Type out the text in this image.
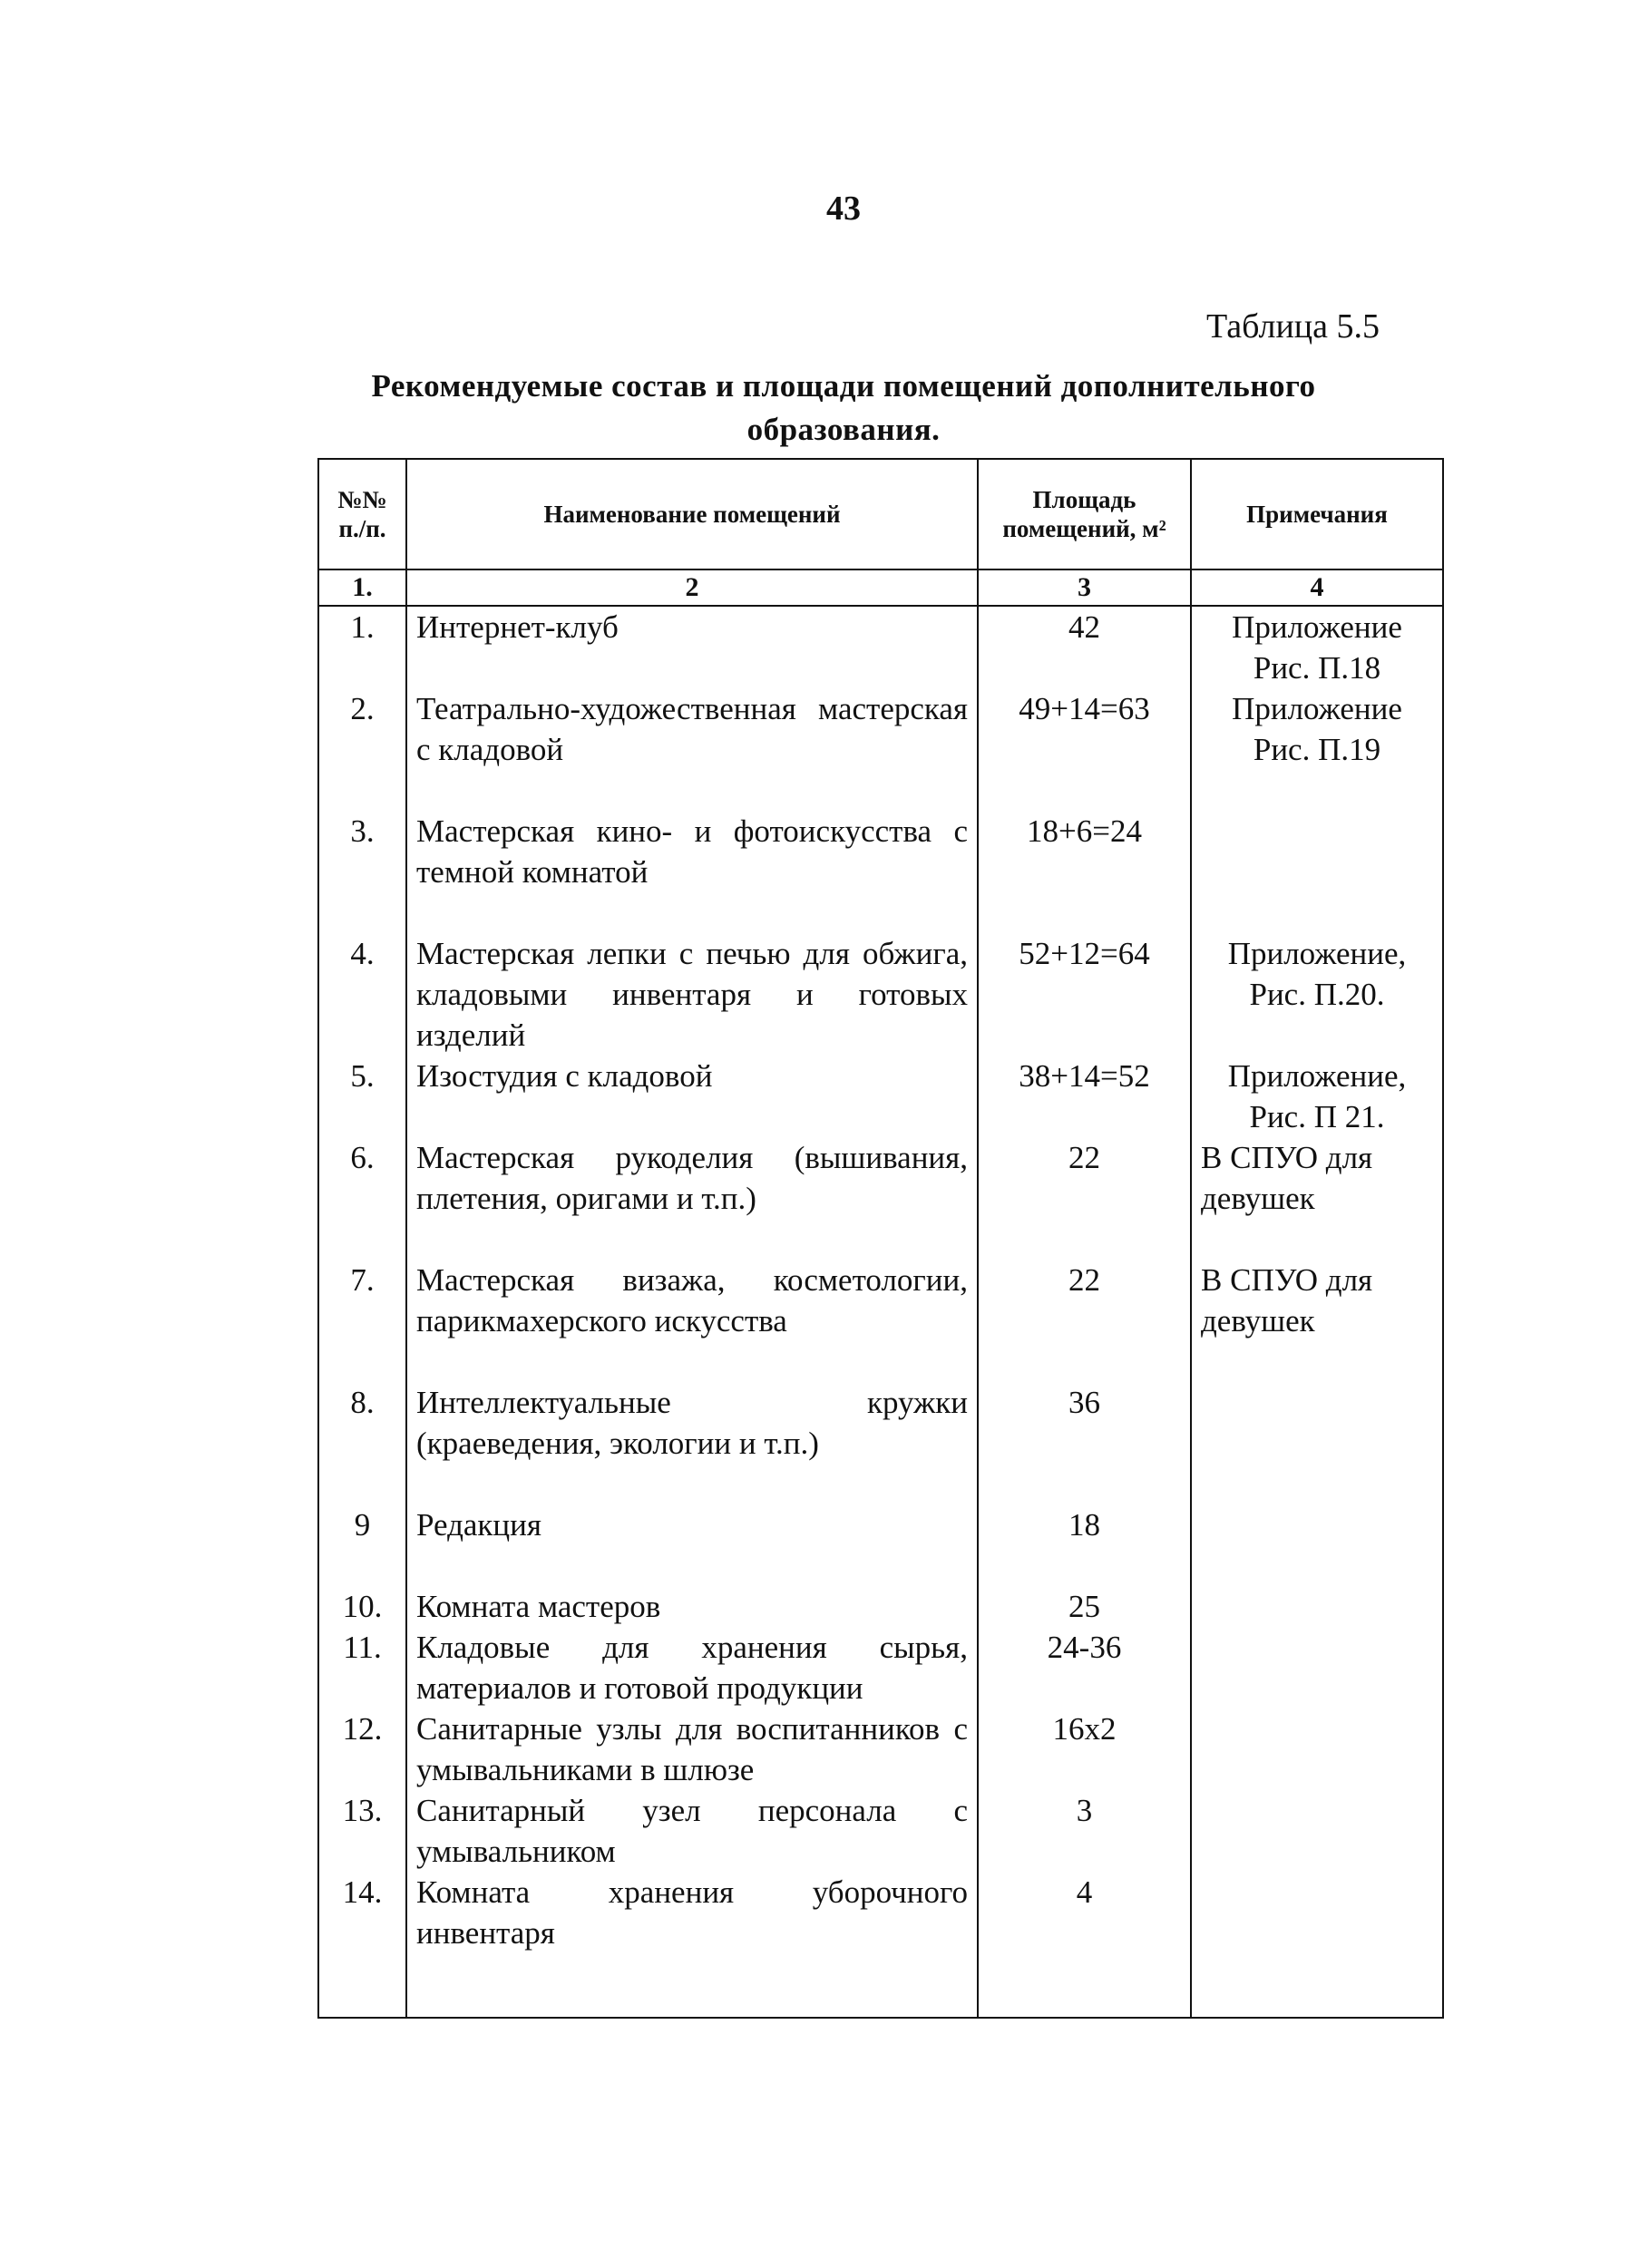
43
Таблица 5.5
Рекомендуемые состав и площади помещений дополнительного
образования.
№№ п./п.	Наименование помещений	Площадь помещений, м²	Примечания
1.	2	3	4
1.	Интернет-клуб	42	Приложение Рис. П.18
2.	Театрально-художественная мастерская с кладовой	49+14=63	Приложение Рис. П.19
3.	Мастерская кино- и фотоискусства с темной комнатой	18+6=24	
4.	Мастерская лепки с печью для обжига, кладовыми инвентаря и готовых изделий	52+12=64	Приложение, Рис. П.20.
5.	Изостудия с кладовой	38+14=52	Приложение, Рис. П 21.
6.	Мастерская рукоделия (вышивания, плетения, оригами и т.п.)	22	В СПУО для девушек
7.	Мастерская визажа, косметологии, парикмахерского искусства	22	В СПУО для девушек
8.	Интеллектуальные кружки (краеведения, экологии и т.п.)	36	
9	Редакция	18	
10.	Комната мастеров	25	
11.	Кладовые для хранения сырья, материалов и готовой продукции	24-36	
12.	Санитарные узлы для воспитанников с умывальниками в шлюзе	16x2	
13.	Санитарный узел персонала с умывальником	3	
14.	Комната хранения уборочного инвентаря	4	
